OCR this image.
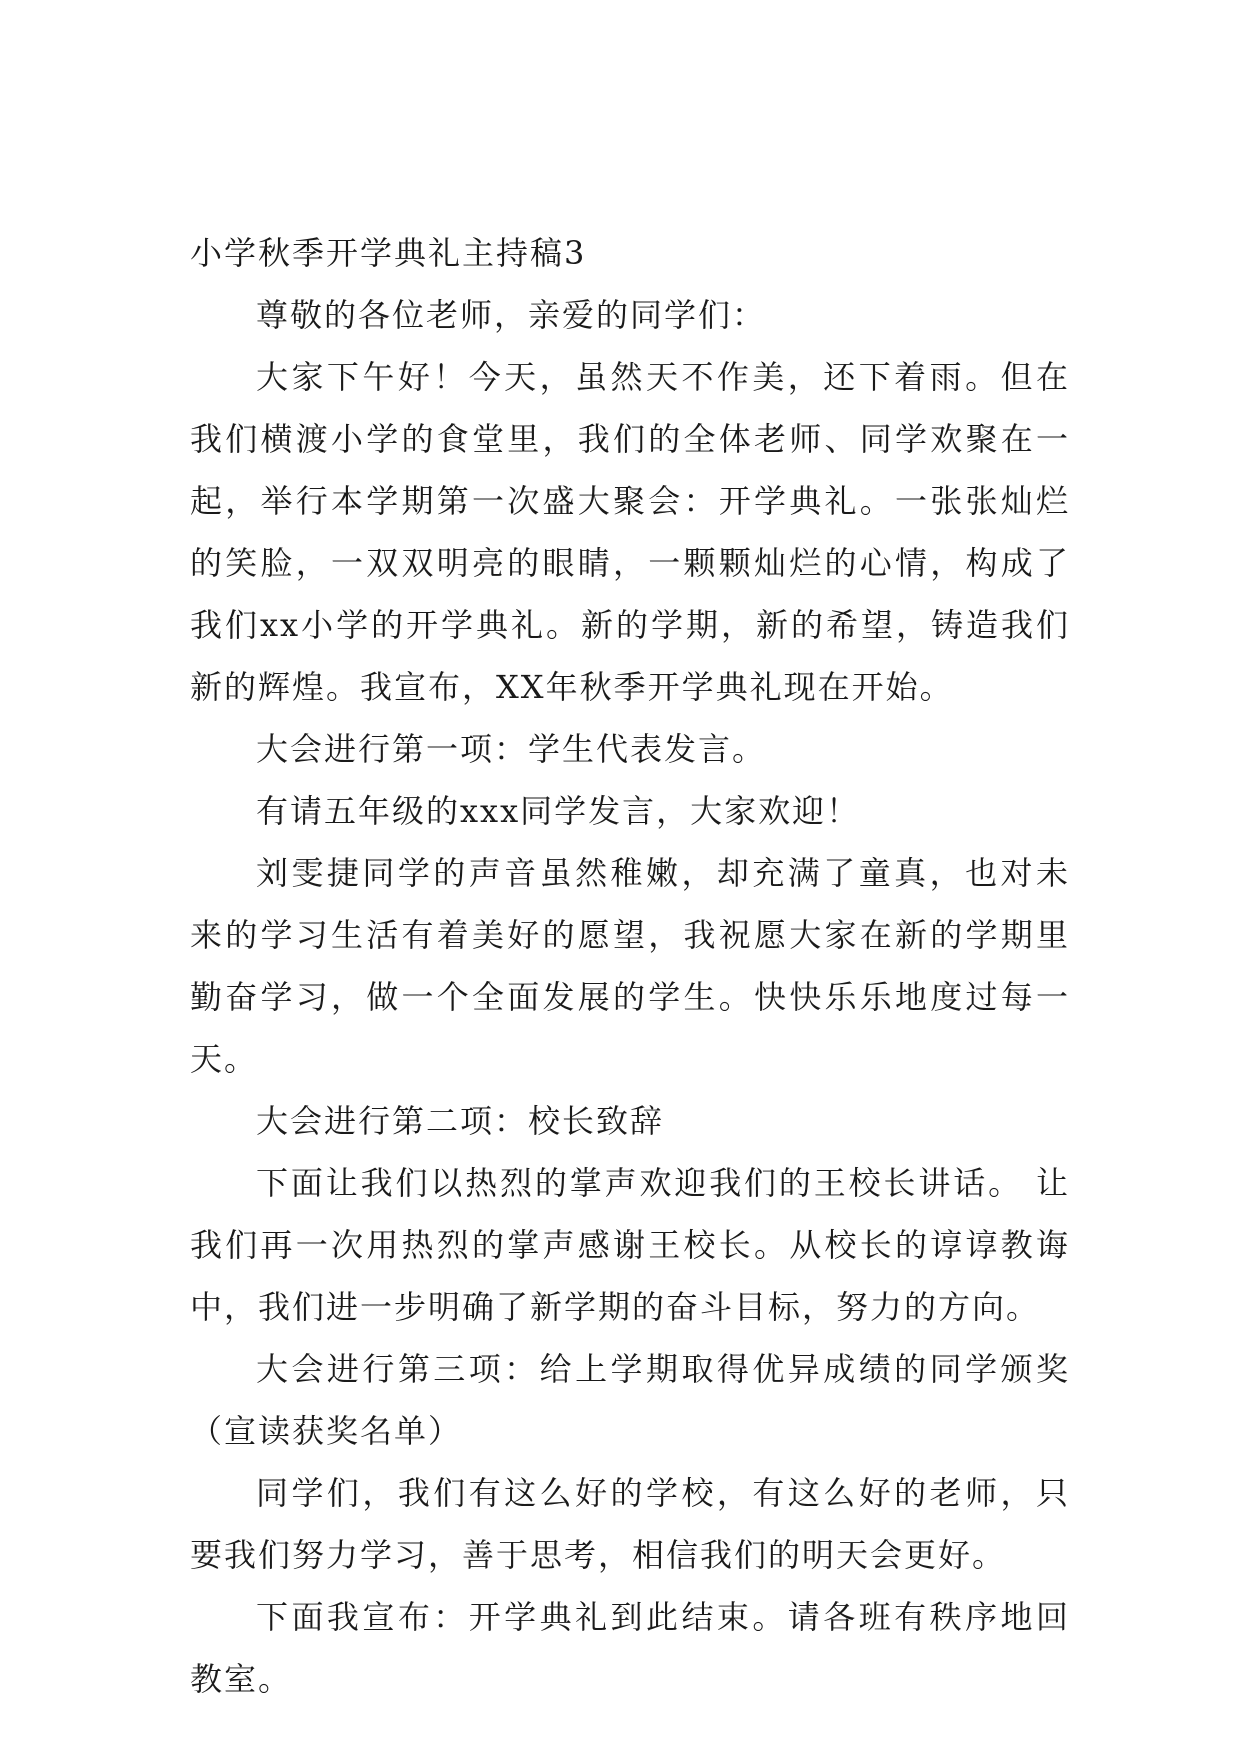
小学秋季开学典礼主持稿3

尊敬的各位老师，亲爱的同学们：

大家下午好！今天，虽然天不作美，还下着雨。但在我们横渡小学的食堂里，我们的全体老师、同学欢聚在一起，举行本学期第一次盛大聚会：开学典礼。一张张灿烂的笑脸，一双双明亮的眼睛，一颗颗灿烂的心情，构成了我们xx小学的开学典礼。新的学期，新的希望，铸造我们新的辉煌。我宣布，XX年秋季开学典礼现在开始。

大会进行第一项：学生代表发言。

有请五年级的xxx同学发言，大家欢迎！

刘雯捷同学的声音虽然稚嫩，却充满了童真，也对未来的学习生活有着美好的愿望，我祝愿大家在新的学期里勤奋学习，做一个全面发展的学生。快快乐乐地度过每一天。

大会进行第二项：校长致辞

下面让我们以热烈的掌声欢迎我们的王校长讲话。 让我们再一次用热烈的掌声感谢王校长。从校长的谆谆教诲中，我们进一步明确了新学期的奋斗目标，努力的方向。

大会进行第三项：给上学期取得优异成绩的同学颁奖（宣读获奖名单）

同学们，我们有这么好的学校，有这么好的老师，只要我们努力学习，善于思考，相信我们的明天会更好。

下面我宣布：开学典礼到此结束。请各班有秩序地回教室。
